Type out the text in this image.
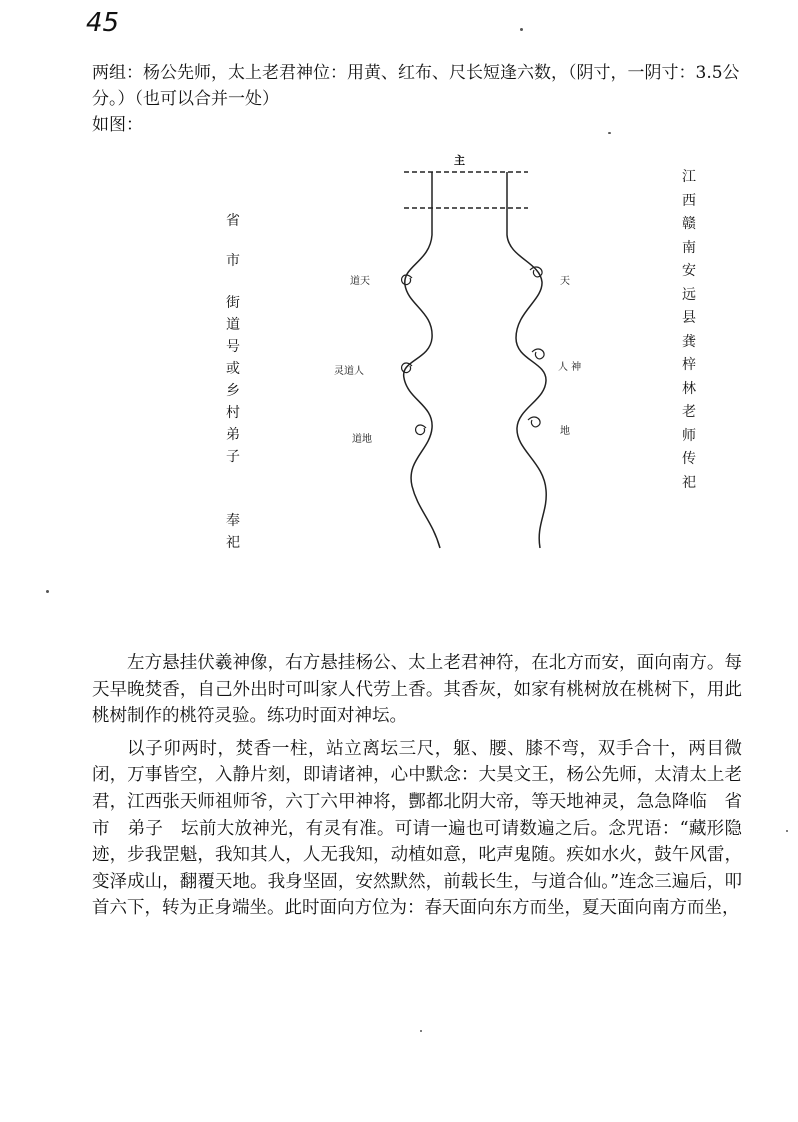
45

两组：杨公先师，太上老君神位：用黄、红布、尺长短逢六数，（阴寸，一阴寸：3.5公分。）（也可以合并一处）

如图：

主
道天
灵道人
道地
天
人 神
地
省
市
街道号或乡村弟子
奉祀
江西赣南安远县龚梓林老师传祀

左方悬挂伏羲神像，右方悬挂杨公、太上老君神符，在北方而安，面向南方。每天早晚焚香，自己外出时可叫家人代劳上香。其香灰，如家有桃树放在桃树下，用此桃树制作的桃符灵验。练功时面对神坛。

以子卯两时，焚香一柱，站立离坛三尺，躯、腰、膝不弯，双手合十，两目微闭，万事皆空，入静片刻，即请诸神，心中默念：大昊文王，杨公先师，太清太上老君，江西张天师祖师爷，六丁六甲神将，酆都北阴大帝，等天地神灵，急急降临　省　市　弟子　坛前大放神光，有灵有准。可请一遍也可请数遍之后。念咒语：“藏形隐迹，步我罡魁，我知其人，人无我知，动植如意，叱声鬼随。疾如水火，鼓午风雷，变泽成山，翻覆天地。我身坚固，安然默然，前载长生，与道合仙。”连念三遍后，叩首六下，转为正身端坐。此时面向方位为：春天面向东方而坐，夏天面向南方而坐，
